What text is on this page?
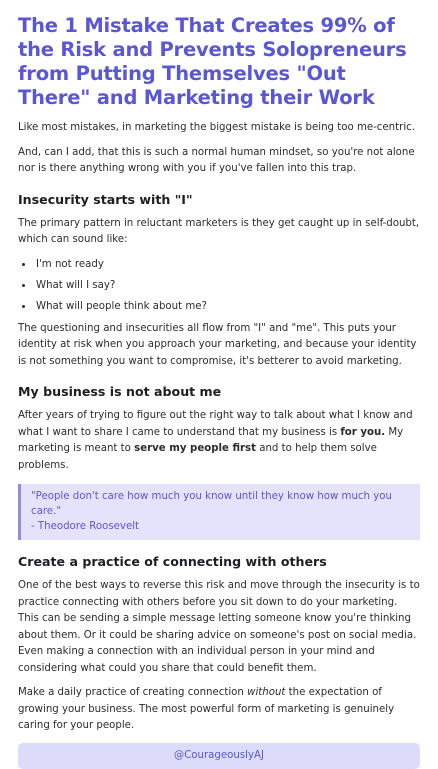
The 1 Mistake That Creates 99% of the Risk and Prevents Solopreneurs from Putting Themselves "Out There" and Marketing their Work

Like most mistakes, in marketing the biggest mistake is being too me-centric.

And, can I add, that this is such a normal human mindset, so you're not alone nor is there anything wrong with you if you've fallen into this trap.

Insecurity starts with "I"

The primary pattern in reluctant marketers is they get caught up in self-doubt, which can sound like:

• I'm not ready
• What will I say?
• What will people think about me?

The questioning and insecurities all flow from "I" and "me". This puts your identity at risk when you approach your marketing, and because your identity is not something you want to compromise, it's betterer to avoid marketing.

My business is not about me

After years of trying to figure out the right way to talk about what I know and what I want to share I came to understand that my business is for you. My marketing is meant to serve my people first and to help them solve problems.

"People don't care how much you know until they know how much you care."
- Theodore Roosevelt
Create a practice of connecting with others

One of the best ways to reverse this risk and move through the insecurity is to practice connecting with others before you sit down to do your marketing. This can be sending a simple message letting someone know you're thinking about them. Or it could be sharing advice on someone's post on social media. Even making a connection with an individual person in your mind and considering what could you share that could benefit them.

Make a daily practice of creating connection without the expectation of growing your business. The most powerful form of marketing is genuinely caring for your people.

@CourageouslyAJ
